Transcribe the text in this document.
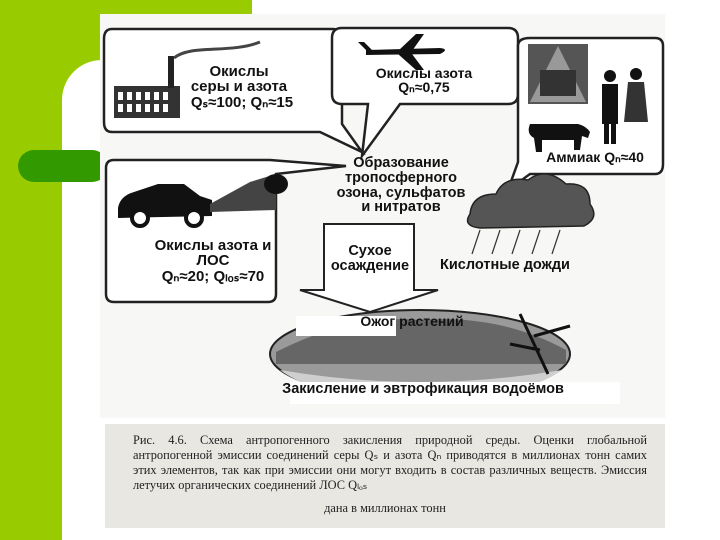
Окислы
серы и азота
Qₛ≈100; Qₙ≈15
Окислы азота
Qₙ≈0,75
Аммиак Qₙ≈40
Образование
тропосферного
озона, сульфатов
и нитратов
Окислы азота и
ЛОС
Qₙ≈20; Qₗₒₛ≈70
Сухое
осаждение	Кислотные дожди
Ожог растений
Закисление и эвтрофикация водоёмов

Рис. 4.6. Схема антропогенного закисления природной среды. Оценки глобальной антропогенной эмиссии соединений серы Qₛ и азота Qₙ приводятся в миллионах тонн самих этих элементов, так как при эмиссии они могут входить в состав различных веществ. Эмиссия летучих органических соединений ЛОС Qₗₒₛ

дана в миллионах тонн
